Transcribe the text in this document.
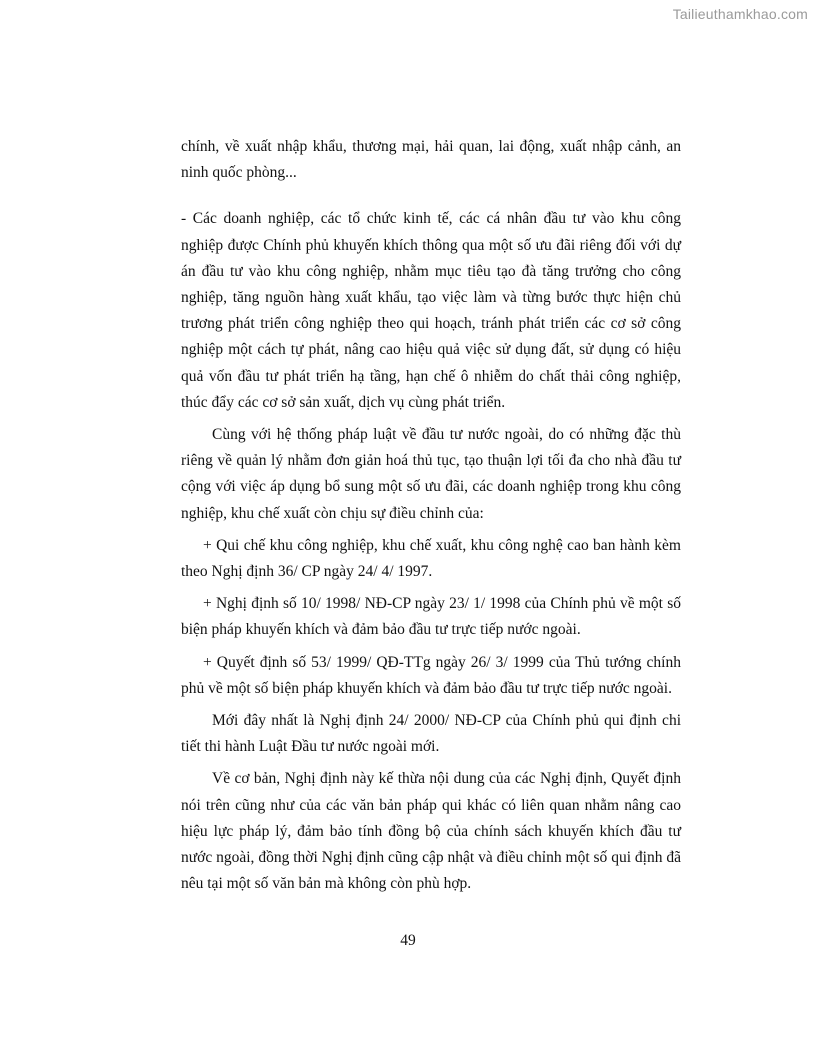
Tailieuthamkhao.com

chính, về xuất nhập khẩu, thương mại, hải quan, lai động, xuất nhập cảnh, an ninh quốc phòng...

- Các doanh nghiệp, các tổ chức kinh tế, các cá nhân đầu tư vào khu công nghiệp được Chính phủ khuyến khích thông qua một số ưu đãi riêng đối với dự án đầu tư vào khu công nghiệp, nhằm mục tiêu tạo đà tăng trưởng cho công nghiệp, tăng nguồn hàng xuất khẩu, tạo việc làm và từng bước thực hiện chủ trương phát triển công nghiệp theo qui hoạch, tránh phát triển các cơ sở công nghiệp một cách tự phát, nâng cao hiệu quả việc sử dụng đất, sử dụng có hiệu quả vốn đầu tư phát triển hạ tầng, hạn chế ô nhiễm do chất thải công nghiệp, thúc đẩy các cơ sở sản xuất, dịch vụ cùng phát triển.

Cùng với hệ thống pháp luật về đầu tư nước ngoài, do có những đặc thù riêng về quản lý nhằm đơn giản hoá thủ tục, tạo thuận lợi tối đa cho nhà đầu tư cộng với việc áp dụng bổ sung một số ưu đãi, các doanh nghiệp trong khu công nghiệp, khu chế xuất còn chịu sự điều chỉnh của:

+ Qui chế khu công nghiệp, khu chế xuất, khu công nghệ cao ban hành kèm theo Nghị định 36/ CP ngày 24/ 4/ 1997.

+ Nghị định số 10/ 1998/ NĐ-CP ngày 23/ 1/ 1998 của Chính phủ về một số biện pháp khuyến khích và đảm bảo đầu tư trực tiếp nước ngoài.

+ Quyết định số 53/ 1999/ QĐ-TTg ngày 26/ 3/ 1999 của Thủ tướng chính phủ về một số biện pháp khuyến khích và đảm bảo đầu tư trực tiếp nước ngoài.

Mới đây nhất là Nghị định 24/ 2000/ NĐ-CP của Chính phủ qui định chi tiết thi hành Luật Đầu tư nước ngoài mới.

Về cơ bản, Nghị định này kế thừa nội dung của các Nghị định, Quyết định nói trên cũng như của các văn bản pháp qui khác có liên quan nhằm nâng cao hiệu lực pháp lý, đảm bảo tính đồng bộ của chính sách khuyến khích đầu tư nước ngoài, đồng thời Nghị định cũng cập nhật và điều chỉnh một số qui định đã nêu tại một số văn bản mà không còn phù hợp.

49
